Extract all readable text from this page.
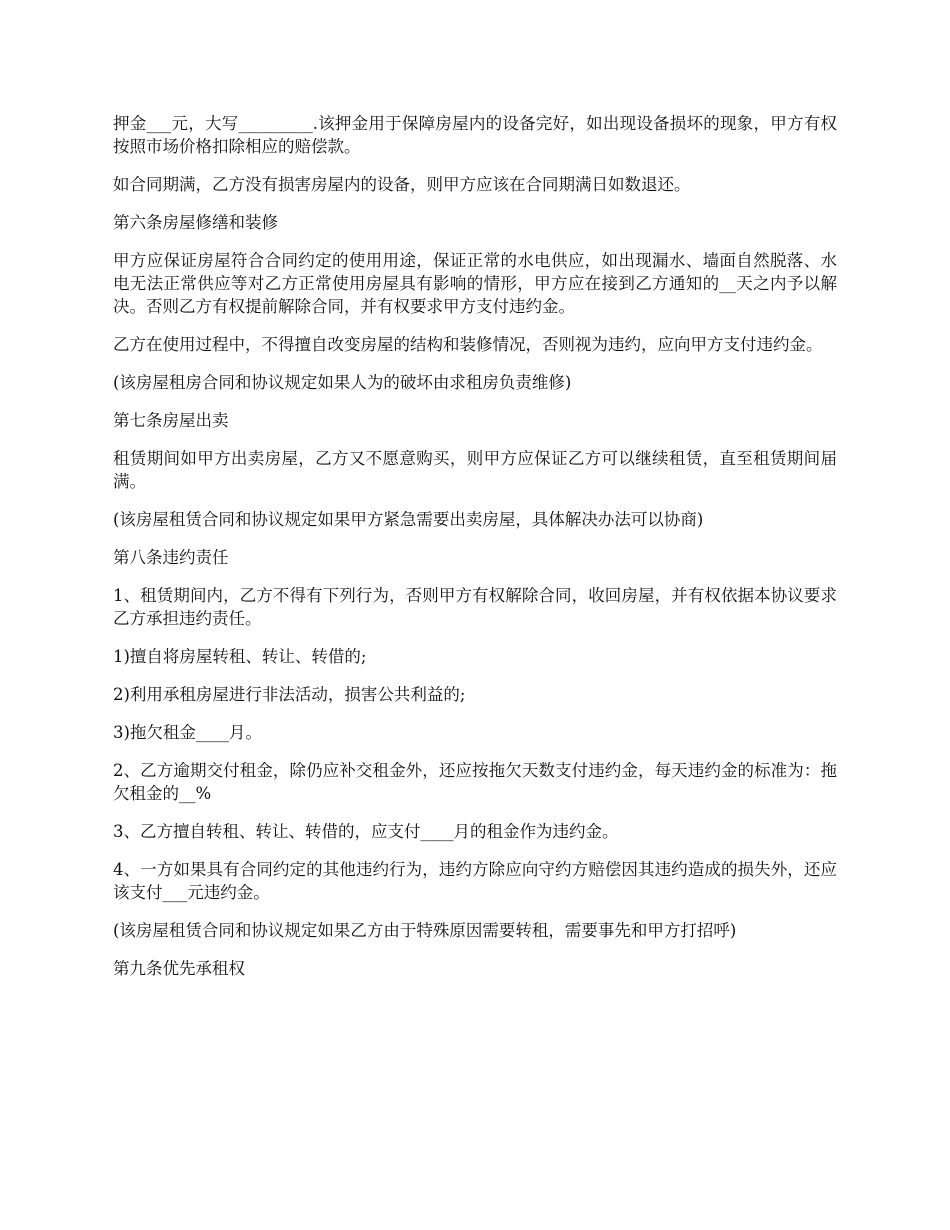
押金___元，大写_________.该押金用于保障房屋内的设备完好，如出现设备损坏的现象，甲方有权按照市场价格扣除相应的赔偿款。

如合同期满，乙方没有损害房屋内的设备，则甲方应该在合同期满日如数退还。

第六条房屋修缮和装修

甲方应保证房屋符合合同约定的使用用途，保证正常的水电供应，如出现漏水、墙面自然脱落、水电无法正常供应等对乙方正常使用房屋具有影响的情形，甲方应在接到乙方通知的__天之内予以解决。否则乙方有权提前解除合同，并有权要求甲方支付违约金。

乙方在使用过程中，不得擅自改变房屋的结构和装修情况，否则视为违约，应向甲方支付违约金。

(该房屋租房合同和协议规定如果人为的破坏由求租房负责维修)

第七条房屋出卖

租赁期间如甲方出卖房屋，乙方又不愿意购买，则甲方应保证乙方可以继续租赁，直至租赁期间届满。

(该房屋租赁合同和协议规定如果甲方紧急需要出卖房屋，具体解决办法可以协商)

第八条违约责任

1、租赁期间内，乙方不得有下列行为，否则甲方有权解除合同，收回房屋，并有权依据本协议要求乙方承担违约责任。

1)擅自将房屋转租、转让、转借的;

2)利用承租房屋进行非法活动，损害公共利益的;

3)拖欠租金____月。

2、乙方逾期交付租金，除仍应补交租金外，还应按拖欠天数支付违约金，每天违约金的标准为：拖欠租金的__%

3、乙方擅自转租、转让、转借的，应支付____月的租金作为违约金。

4、一方如果具有合同约定的其他违约行为，违约方除应向守约方赔偿因其违约造成的损失外，还应该支付___元违约金。

(该房屋租赁合同和协议规定如果乙方由于特殊原因需要转租，需要事先和甲方打招呼)

第九条优先承租权
